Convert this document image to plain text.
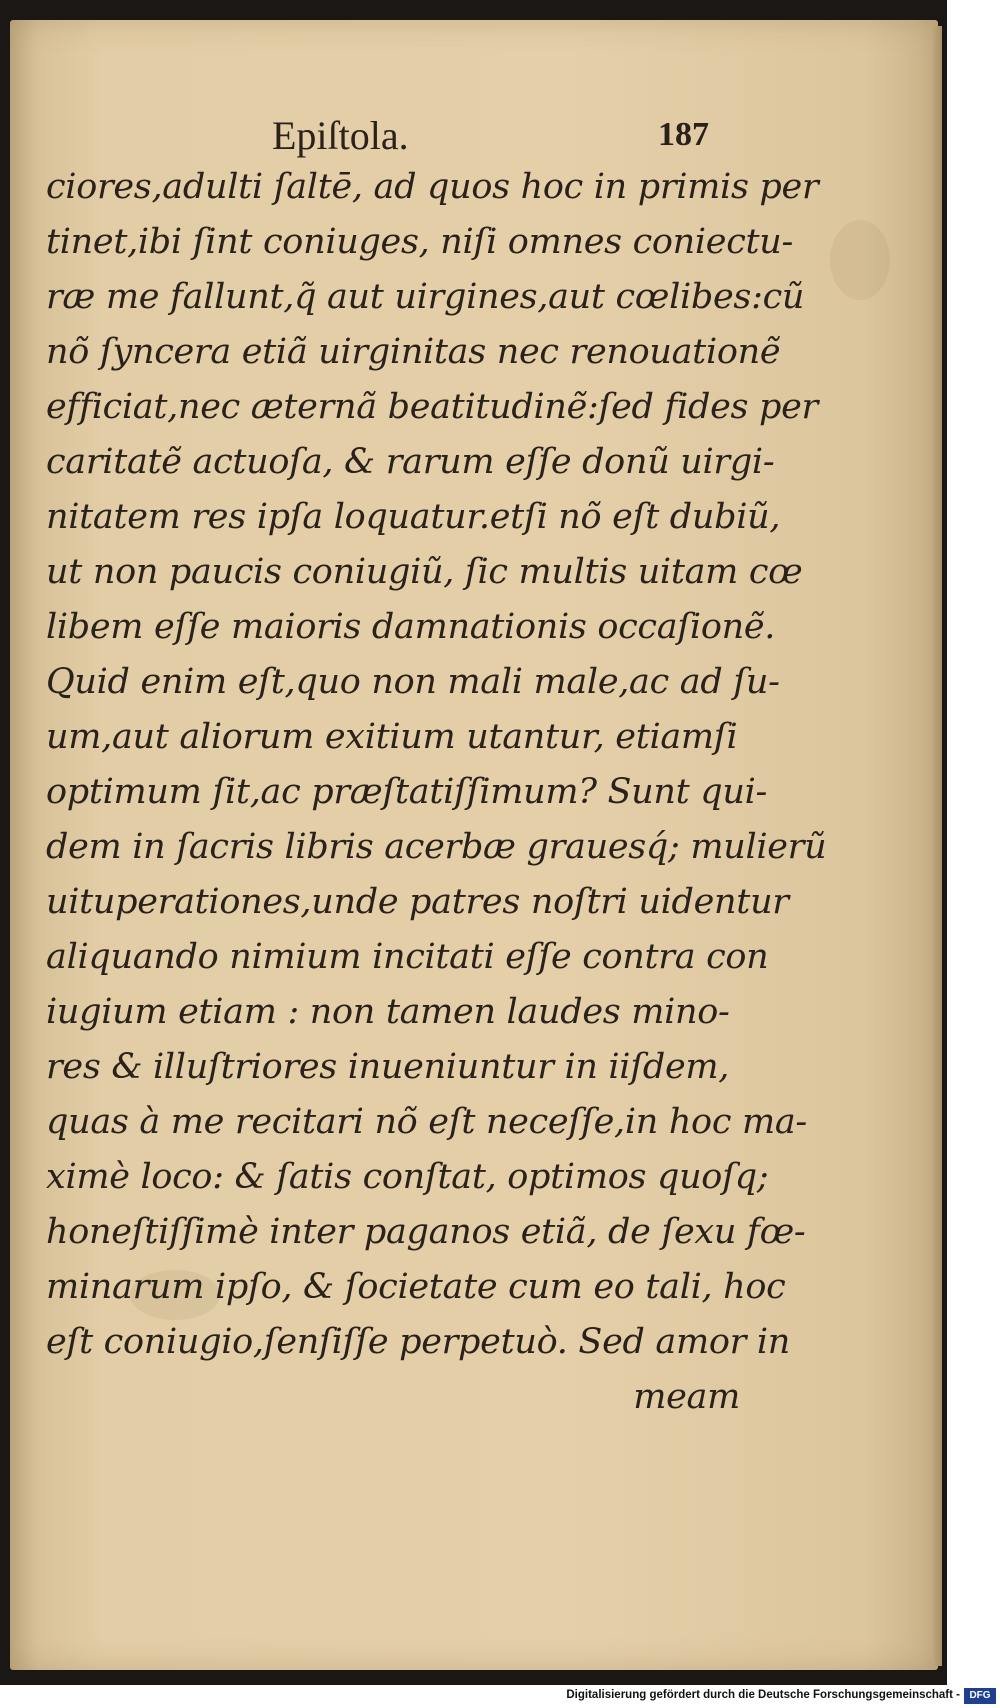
Epiſtola.	187
ciores,adulti ſaltē, ad quos hoc in primis per
tinet,ibi ſint coniuges, niſi omnes coniectu-
ræ me fallunt,q̃ aut uirgines,aut cœlibes:cũ
nõ ſyncera etiã uirginitas nec renouationẽ
efficiat,nec æternã beatitudinẽ:ſed fides per
caritatẽ actuoſa, & rarum eſſe donũ uirgi-
nitatem res ipſa loquatur.etſi nõ eſt dubiũ,
ut non paucis coniugiũ, ſic multis uitam cœ
libem eſſe maioris damnationis occaſionẽ.
Quid enim eſt,quo non mali male,ac ad ſu-
um,aut aliorum exitium utantur, etiamſi
optimum ſit,ac præſtatiſſimum? Sunt qui-
dem in ſacris libris acerbæ grauesq́; mulierũ
uituperationes,unde patres noſtri uidentur
aliquando nimium incitati eſſe contra con
iugium etiam : non tamen laudes mino-
res & illuſtriores inueniuntur in iiſdem,
quas à me recitari nõ eſt neceſſe,in hoc ma-
ximè loco: & ſatis conſtat, optimos quoſq;
honeſtiſſimè inter paganos etiã, de ſexu fœ-
minarum ipſo, & ſocietate cum eo tali, hoc
eſt coniugio,ſenſiſſe perpetuò. Sed amor in
meam
Digitalisierung gefördert durch die Deutsche Forschungsgemeinschaft - DFG
